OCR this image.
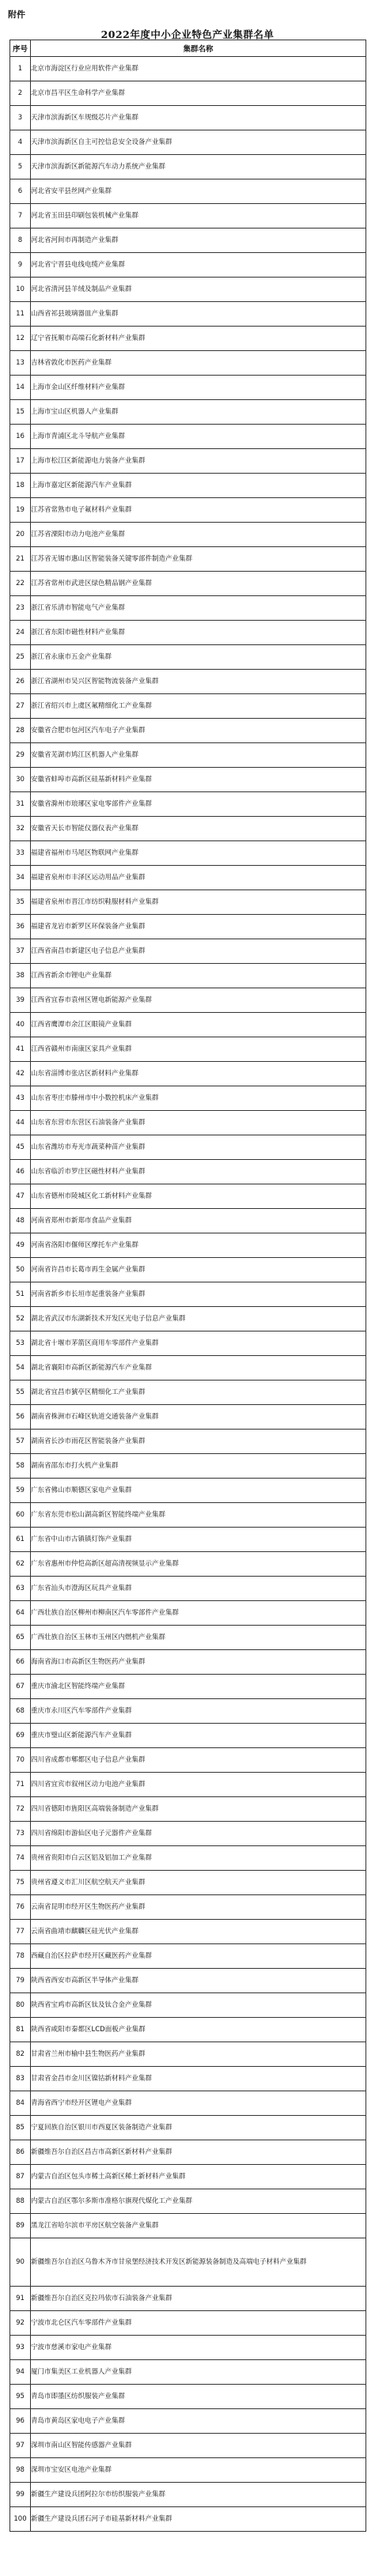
附件
2022年度中小企业特色产业集群名单
序号	集群名称
1	北京市海淀区行业应用软件产业集群
2	北京市昌平区生命科学产业集群
3	天津市滨海新区车规级芯片产业集群
4	天津市滨海新区自主可控信息安全设备产业集群
5	天津市滨海新区新能源汽车动力系统产业集群
6	河北省安平县丝网产业集群
7	河北省玉田县印刷包装机械产业集群
8	河北省河间市再制造产业集群
9	河北省宁晋县电线电缆产业集群
10	河北省清河县羊绒及制品产业集群
11	山西省祁县玻璃器皿产业集群
12	辽宁省抚顺市高端石化新材料产业集群
13	吉林省敦化市医药产业集群
14	上海市金山区纤维材料产业集群
15	上海市宝山区机器人产业集群
16	上海市青浦区北斗导航产业集群
17	上海市松江区新能源电力装备产业集群
18	上海市嘉定区新能源汽车产业集群
19	江苏省常熟市电子氟材料产业集群
20	江苏省溧阳市动力电池产业集群
21	江苏省无锡市惠山区智能装备关键零部件制造产业集群
22	江苏省常州市武进区绿色精品钢产业集群
23	浙江省乐清市智能电气产业集群
24	浙江省东阳市磁性材料产业集群
25	浙江省永康市五金产业集群
26	浙江省湖州市吴兴区智能物流装备产业集群
27	浙江省绍兴市上虞区氟精细化工产业集群
28	安徽省合肥市包河区汽车电子产业集群
29	安徽省芜湖市鸠江区机器人产业集群
30	安徽省蚌埠市高新区硅基新材料产业集群
31	安徽省滁州市琅琊区家电零部件产业集群
32	安徽省天长市智能仪器仪表产业集群
33	福建省福州市马尾区物联网产业集群
34	福建省泉州市丰泽区运动用品产业集群
35	福建省泉州市晋江市纺织鞋服材料产业集群
36	福建省龙岩市新罗区环保装备产业集群
37	江西省南昌市新建区电子信息产业集群
38	江西省新余市锂电产业集群
39	江西省宜春市袁州区锂电新能源产业集群
40	江西省鹰潭市余江区眼镜产业集群
41	江西省赣州市南康区家具产业集群
42	山东省淄博市张店区新材料产业集群
43	山东省枣庄市滕州市中小数控机床产业集群
44	山东省东营市东营区石油装备产业集群
45	山东省潍坊市寿光市蔬菜种苗产业集群
46	山东省临沂市罗庄区磁性材料产业集群
47	山东省德州市陵城区化工新材料产业集群
48	河南省郑州市新郑市食品产业集群
49	河南省洛阳市偃师区摩托车产业集群
50	河南省许昌市长葛市再生金属产业集群
51	河南省新乡市长垣市起重装备产业集群
52	湖北省武汉市东湖新技术开发区光电子信息产业集群
53	湖北省十堰市茅箭区商用车零部件产业集群
54	湖北省襄阳市高新区新能源汽车产业集群
55	湖北省宜昌市猇亭区精细化工产业集群
56	湖南省株洲市石峰区轨道交通装备产业集群
57	湖南省长沙市雨花区智能装备产业集群
58	湖南省邵东市打火机产业集群
59	广东省佛山市顺德区家电产业集群
60	广东省东莞市松山湖高新区智能终端产业集群
61	广东省中山市古镇镇灯饰产业集群
62	广东省惠州市仲恺高新区超高清视频显示产业集群
63	广东省汕头市澄海区玩具产业集群
64	广西壮族自治区柳州市柳南区汽车零部件产业集群
65	广西壮族自治区玉林市玉州区内燃机产业集群
66	海南省海口市高新区生物医药产业集群
67	重庆市渝北区智能终端产业集群
68	重庆市永川区汽车零部件产业集群
69	重庆市璧山区新能源汽车产业集群
70	四川省成都市郫都区电子信息产业集群
71	四川省宜宾市叙州区动力电池产业集群
72	四川省德阳市旌阳区高端装备制造产业集群
73	四川省绵阳市游仙区电子元器件产业集群
74	贵州省贵阳市白云区铝及铝加工产业集群
75	贵州省遵义市汇川区航空航天产业集群
76	云南省昆明市经开区生物医药产业集群
77	云南省曲靖市麒麟区硅光伏产业集群
78	西藏自治区拉萨市经开区藏医药产业集群
79	陕西省西安市高新区半导体产业集群
80	陕西省宝鸡市高新区钛及钛合金产业集群
81	陕西省咸阳市秦都区LCD面板产业集群
82	甘肃省兰州市榆中县生物医药产业集群
83	甘肃省金昌市金川区镍钴新材料产业集群
84	青海省西宁市经开区锂电产业集群
85	宁夏回族自治区银川市西夏区装备制造产业集群
86	新疆维吾尔自治区昌吉市高新区新材料产业集群
87	内蒙古自治区包头市稀土高新区稀土新材料产业集群
88	内蒙古自治区鄂尔多斯市准格尔旗现代煤化工产业集群
89	黑龙江省哈尔滨市平房区航空装备产业集群
90	新疆维吾尔自治区乌鲁木齐市甘泉堡经济技术开发区新能源装备制造及高端电子材料产业集群
91	新疆维吾尔自治区克拉玛依市石油装备产业集群
92	宁波市北仑区汽车零部件产业集群
93	宁波市慈溪市家电产业集群
94	厦门市集美区工业机器人产业集群
95	青岛市即墨区纺织服装产业集群
96	青岛市黄岛区家电电子产业集群
97	深圳市南山区智能传感器产业集群
98	深圳市宝安区电池产业集群
99	新疆生产建设兵团阿拉尔市纺织服装产业集群
100	新疆生产建设兵团石河子市硅基新材料产业集群
